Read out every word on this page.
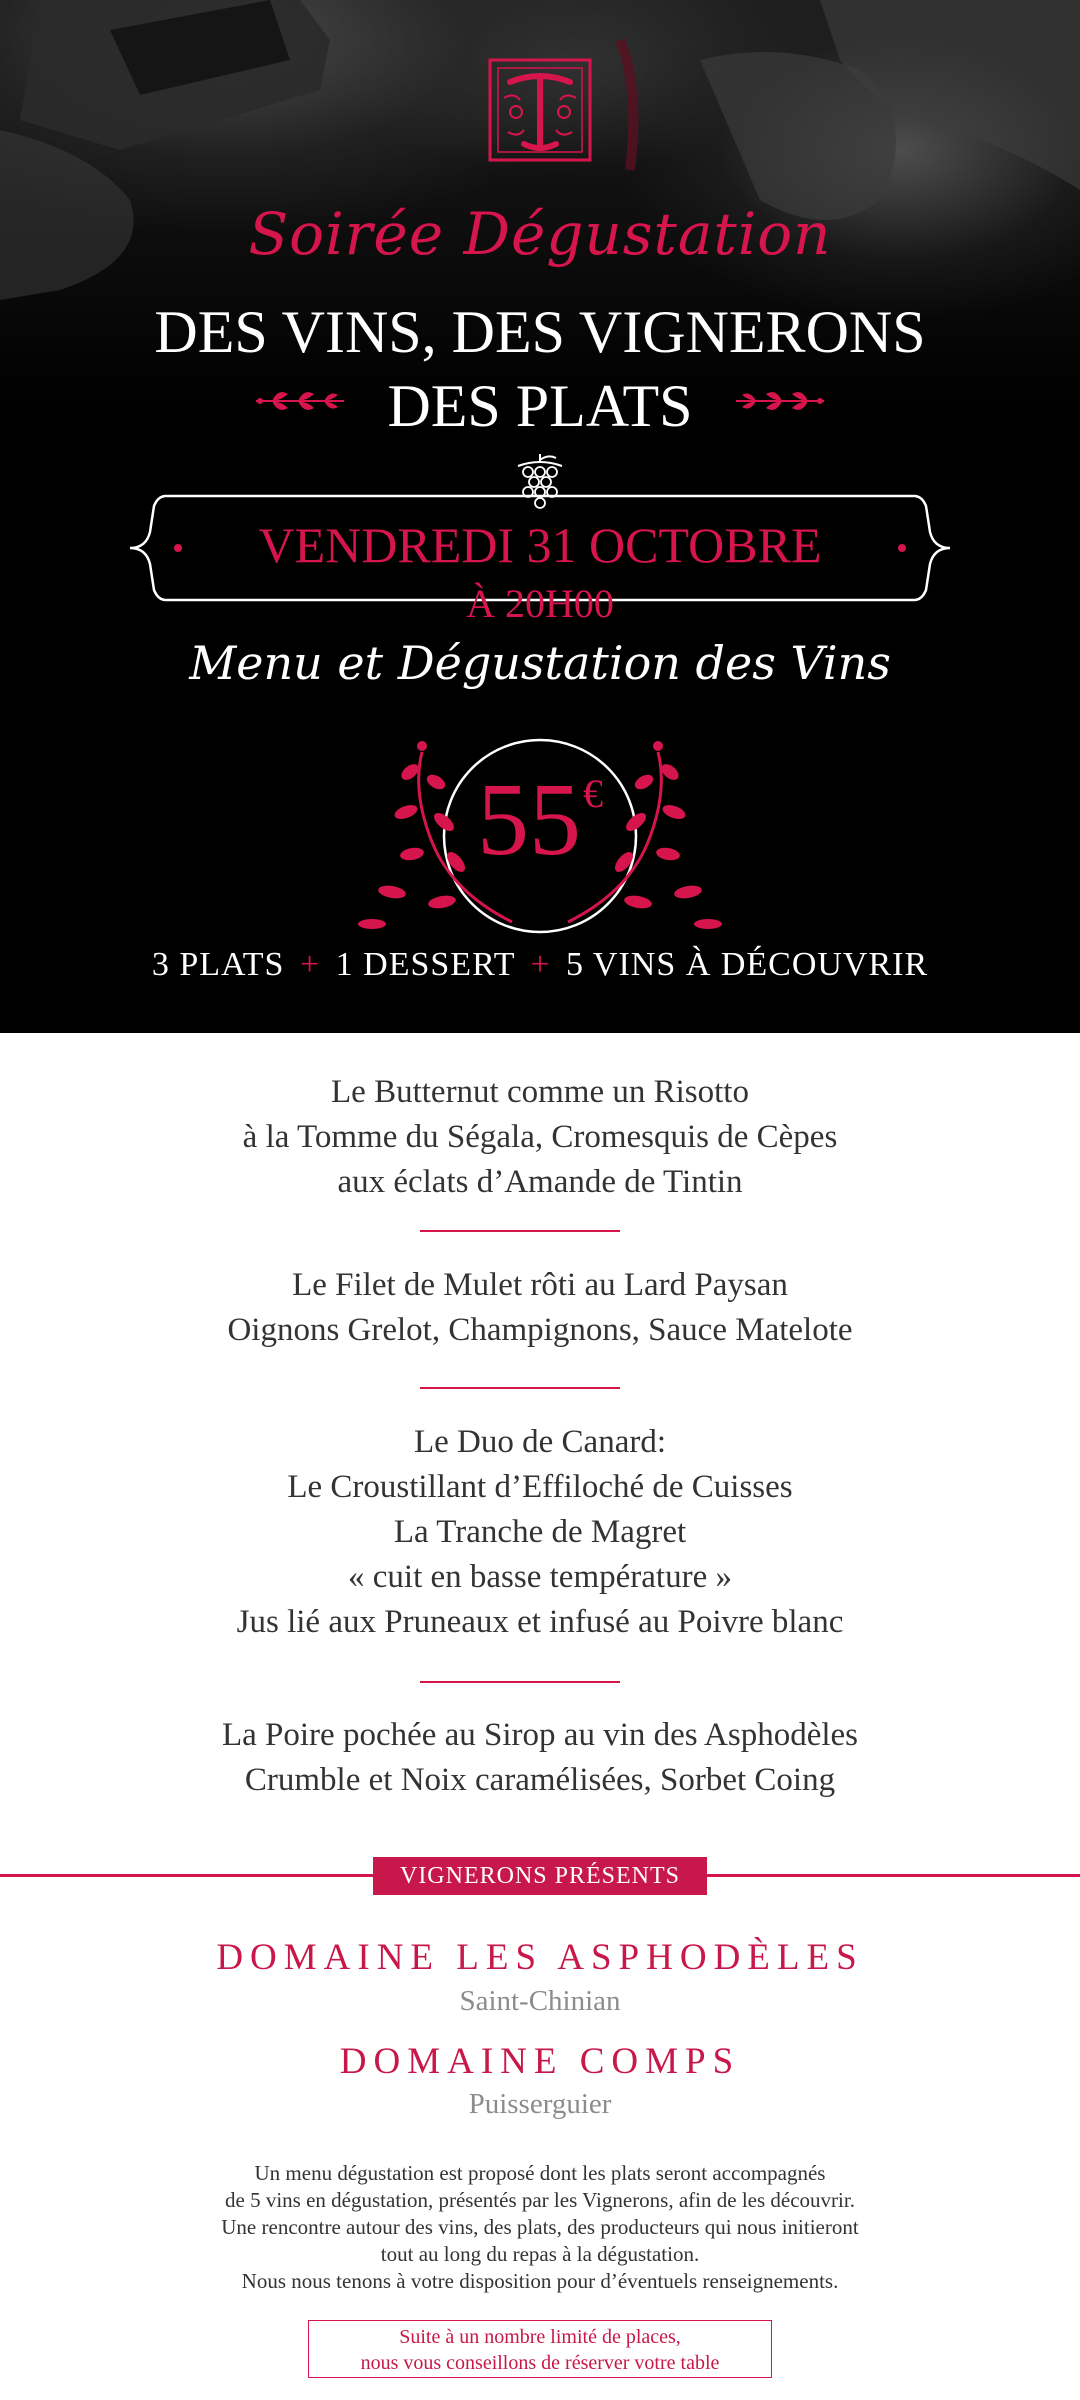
Soirée Dégustation
DES VINS, DES VIGNERONS
DES PLATS
VENDREDI 31 OCTOBRE
À 20H00
Menu et Dégustation des Vins
55€
3 PLATS + 1 DESSERT + 5 VINS À DÉCOUVRIR
Le Butternut comme un Risotto
à la Tomme du Ségala, Cromesquis de Cèpes
aux éclats d’Amande de Tintin
Le Filet de Mulet rôti au Lard Paysan
Oignons Grelot, Champignons, Sauce Matelote
Le Duo de Canard:
Le Croustillant d’Effiloché de Cuisses
La Tranche de Magret
« cuit en basse température »
Jus lié aux Pruneaux et infusé au Poivre blanc
La Poire pochée au Sirop au vin des Asphodèles
Crumble et Noix caramélisées, Sorbet Coing
VIGNERONS PRÉSENTS
DOMAINE LES ASPHODÈLES
Saint-Chinian
DOMAINE COMPS
Puisserguier
Un menu dégustation est proposé dont les plats seront accompagnés
de 5 vins en dégustation, présentés par les Vignerons, afin de les découvrir.
Une rencontre autour des vins, des plats, des producteurs qui nous initieront
tout au long du repas à la dégustation.
Nous nous tenons à votre disposition pour d’éventuels renseignements.
Suite à un nombre limité de places,
nous vous conseillons de réserver votre table
